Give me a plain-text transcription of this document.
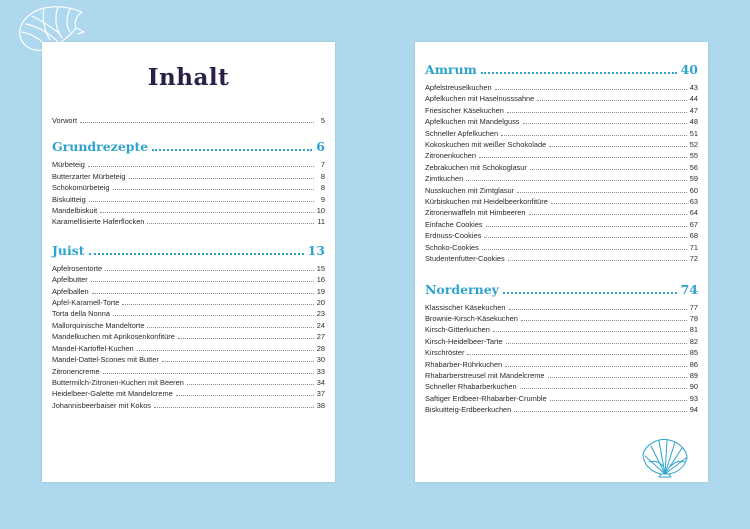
Inhalt
Vorwort	5
Grundrezepte	6
Mürbeteig	7
Butterzarter Mürbeteig	8
Schokomürbeteig	8
Biskuitteig	9
Mandelbiskuit	10
Karamellisierte Haferflocken	11
Juist	13
Apfelrosentorte	15
Apfelbutter	16
Apfelballen	19
Apfel-Karamell-Torte	20
Torta della Nonna	23
Mallorquinische Mandeltorte	24
Mandelkuchen mit Aprikosenkonfitüre	27
Mandel-Kartoffel-Kuchen	28
Mandel-Dattel-Scones mit Butter	30
Zitronencreme	33
Buttermilch-Zitronen-Kuchen mit Beeren	34
Heidelbeer-Galette mit Mandelcreme	37
Johannisbeerbaiser mit Kokos	38
Amrum	40
Apfelstreuselkuchen	43
Apfelkuchen mit Haselnusssahne	44
Friesischer Käsekuchen	47
Apfelkuchen mit Mandelguss	48
Schneller Apfelkuchen	51
Kokoskuchen mit weißer Schokolade	52
Zitronenkuchen	55
Zebrakuchen mit Schokoglasur	56
Zimtkuchen	59
Nusskuchen mit Zimtglasur	60
Kürbiskuchen mit Heidelbeerkonfitüre	63
Zitronenwaffeln mit Himbeeren	64
Einfache Cookies	67
Erdnuss-Cookies	68
Schoko-Cookies	71
Studentenfutter-Cookies	72
Norderney	74
Klassischer Käsekuchen	77
Brownie-Kirsch-Käsekuchen	78
Kirsch-Gitterkuchen	81
Kirsch-Heidelbeer-Tarte	82
Kirschröster	85
Rhabarber-Rührkuchen	86
Rhabarberstreusel mit Mandelcreme	89
Schneller Rhabarberkuchen	90
Saftiger Erdbeer-Rhabarber-Crumble	93
Biskuitteig-Erdbeerkuchen	94
